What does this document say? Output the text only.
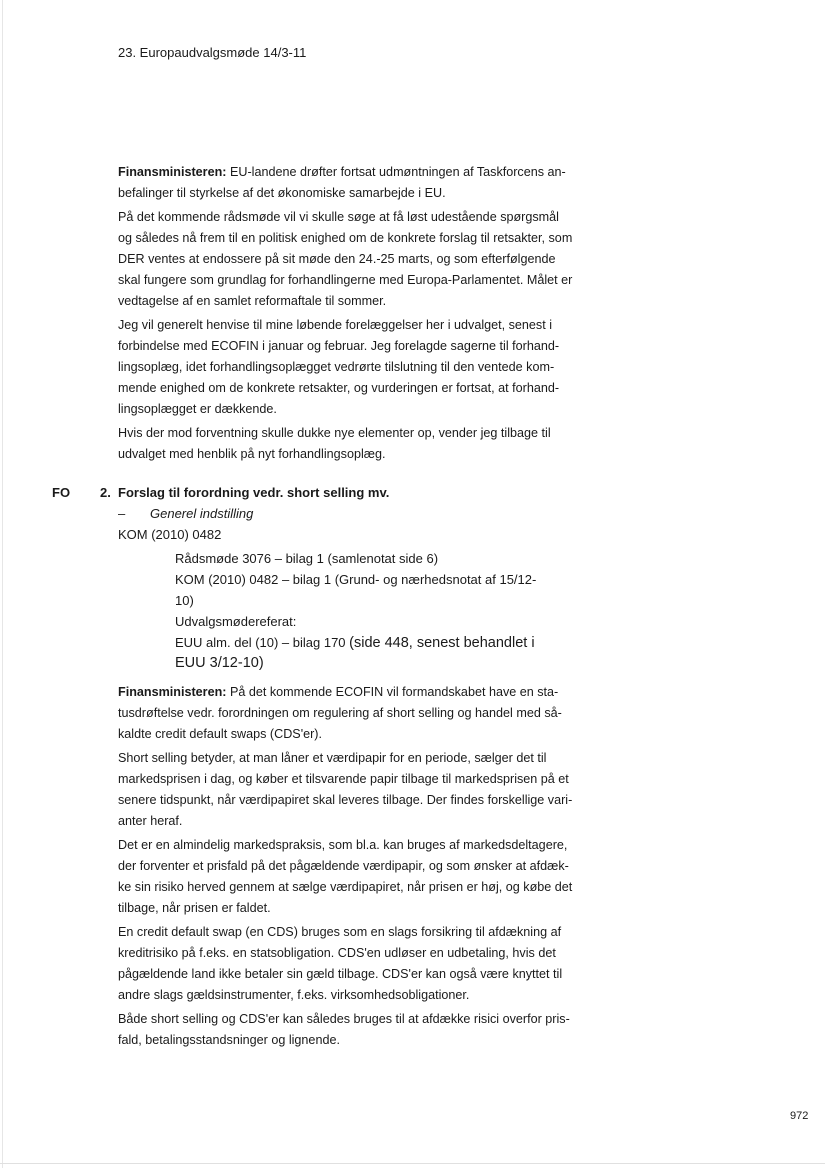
23. Europaudvalgsmøde 14/3-11
Finansministeren: EU-landene drøfter fortsat udmøntningen af Taskforcens an-
befalinger til styrkelse af det økonomiske samarbejde i EU.
På det kommende rådsmøde vil vi skulle søge at få løst udestående spørgsmål
og således nå frem til en politisk enighed om de konkrete forslag til retsakter, som
DER ventes at endossere på sit møde den 24.-25 marts, og som efterfølgende
skal fungere som grundlag for forhandlingerne med Europa-Parlamentet. Målet er
vedtagelse af en samlet reformaftale til sommer.
Jeg vil generelt henvise til mine løbende forelæggelser her i udvalget, senest i
forbindelse med ECOFIN i januar og februar. Jeg forelagde sagerne til forhand-
lingsoplæg, idet forhandlingsoplægget vedrørte tilslutning til den ventede kom-
mende enighed om de konkrete retsakter, og vurderingen er fortsat, at forhand-
lingsoplægget er dækkende.
Hvis der mod forventning skulle dukke nye elementer op, vender jeg tilbage til
udvalget med henblik på nyt forhandlingsoplæg.
FO 2. Forslag til forordning vedr. short selling mv.
– Generel indstilling
KOM (2010) 0482
Rådsmøde 3076 – bilag 1 (samlenotat side 6)
KOM (2010) 0482 – bilag 1 (Grund- og nærhedsnotat af 15/12-
10)
Udvalgsmødereferat:
EUU alm. del (10) – bilag 170 (side 448, senest behandlet i
EUU 3/12-10)
Finansministeren: På det kommende ECOFIN vil formandskabet have en sta-
tusdrøftelse vedr. forordningen om regulering af short selling og handel med så-
kaldte credit default swaps (CDS'er).
Short selling betyder, at man låner et værdipapir for en periode, sælger det til
markedsprisen i dag, og køber et tilsvarende papir tilbage til markedsprisen på et
senere tidspunkt, når værdipapiret skal leveres tilbage. Der findes forskellige vari-
anter heraf.
Det er en almindelig markedspraksis, som bl.a. kan bruges af markedsdeltagere,
der forventer et prisfald på det pågældende værdipapir, og som ønsker at afdæk-
ke sin risiko herved gennem at sælge værdipapiret, når prisen er høj, og købe det
tilbage, når prisen er faldet.
En credit default swap (en CDS) bruges som en slags forsikring til afdækning af
kreditrisiko på f.eks. en statsobligation. CDS'en udløser en udbetaling, hvis det
pågældende land ikke betaler sin gæld tilbage. CDS'er kan også være knyttet til
andre slags gældsinstrumenter, f.eks. virksomhedsobligationer.
Både short selling og CDS'er kan således bruges til at afdække risici overfor pris-
fald, betalingsstandsninger og lignende.
972
